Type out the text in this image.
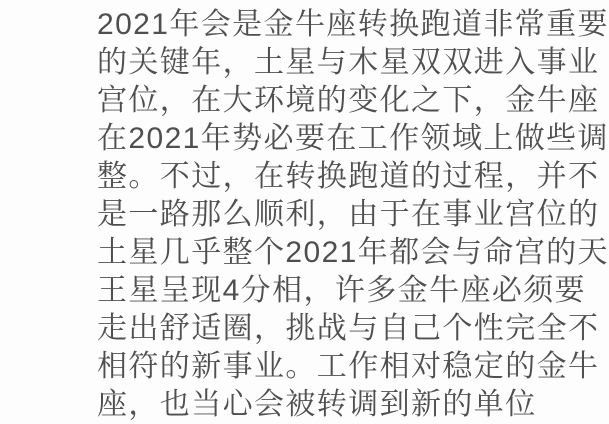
2021年会是金牛座转换跑道非常重要
的关键年，土星与木星双双进入事业
宫位，在大环境的变化之下，金牛座
在2021年势必要在工作领域上做些调
整。不过，在转换跑道的过程，并不
是一路那么顺利，由于在事业宫位的
土星几乎整个2021年都会与命宫的天
王星呈现4分相，许多金牛座必须要
走出舒适圈，挑战与自己个性完全不
相符的新事业。工作相对稳定的金牛
座，也当心会被转调到新的单位
